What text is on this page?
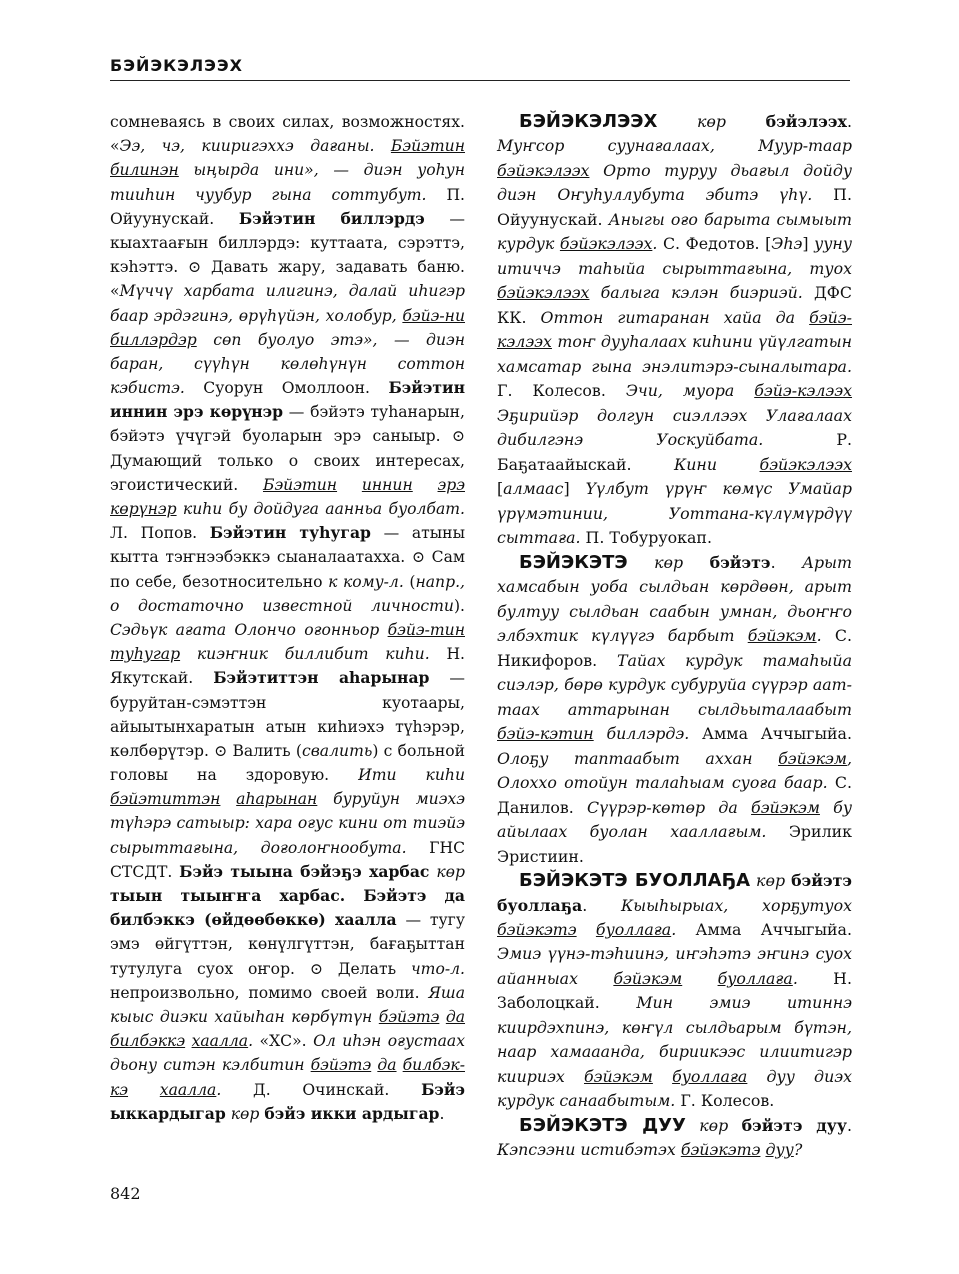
БЭЙЭКЭЛЭЭХ

сомневаясь в своих силах, возможностях. «Ээ, чэ, кииригэххэ дағаны. Бэйэтин билинэн ыңырда ини», — диэн уоһун тииһин чуубур гына соттубут. П. Ойуунускай. Бэйэтин биллэрдэ — кыахтаағын биллэрдэ: куттаата, сэрэттэ, кэһэттэ. ⊙ Давать жару, задавать баню. «Мүччү харбата илигинэ, далай иһигэр баар эрдэгинэ, өрүһүйэн, холобур, бэйэ-ни биллэрдэр сөп буолуо этэ», — диэн баран, сүүһүн көлөһүнүн соттон кэбистэ. Суорун Омоллоон. Бэйэтин иннин эрэ көрүнэр — бэйэтэ туһанарын, бэйэтэ үчүгэй буоларын эрэ саныыр. ⊙ Думающий только о своих интересах, эгоистический. Бэйэтин иннин эрэ көрүнэр киһи бу дойдуга аанньа буолбат. Л. Попов. Бэйэтин туһугар — атыны кытта тэҥнээбэккэ сыаналаатахха. ⊙ Сам по себе, безотносительно к кому-л. (напр., о достаточно известной личности). Сэдьүк ағата Олончо оғонньор бэйэ-тин туһугар киэҥник биллибит киһи. Н. Якутскай. Бэйэтиттэн аһарынар — буруйтан-сэмэттэн куотаары, айыытынхаратын атын киһиэхэ түһэрэр, көлбөрүтэр. ⊙ Валить (свалить) с больной головы на здоровую. Ити киһи бэйэтиттэн аһарынан буруйун миэхэ түһэрэ сатыыр: хара оғус кини от тиэйэ сырыттағына, доғолоҥнообута. ГНС СТСДТ. Бэйэ тыына бэйэҕэ харбас көр тыын тыыҥҥа харбас. Бэйэтэ да билбэккэ (өйдөөбөккө) хаалла — тугу эмэ өйгүттэн, көнүлгүттэн, бағаҕыттан тутулуга суох оҥор. ⊙ Делать что-л. непроизвольно, помимо своей воли. Яша кыыс диэки хайыһан көрбүтүн бэйэтэ да билбэккэ хаалла. «ХС». Ол иһэн оғустаах дьону ситэн кэлбитин бэйэтэ да билбэк-кэ хаалла. Д. Очинскай. Бэйэ ыккардыгар көр бэйэ икки ардыгар.

БЭЙЭКЭЛЭЭХ	көр	бэйэлээх. Муҥсор суунағалаах, Муур-таар бэйэкэлээх Орто туруу дьағыл дойду диэн Оҥуһуллубута эбитэ үһү. П. Ойуунускай. Аныгы оғо барыта сымыыт курдук бэйэкэлээх. С. Федотов. [Эһэ] ууну итиччэ таһыйа сырыттағына, туох бэйэкэлээх балыга кэлэн биэриэй. ДФС КК. Оттон гитаранан хайа да бэйэ-кэлээх тоҥ дууһалаах киһини үйүлгатын хамсатар гына энэлитэрэ-сыналытара. Г. Колесов. Эчи, муора бэйэ-кэлээх Эҕирийэр долгун сиэллээх Улағалаах дибилгэнэ Уоскуйбата. Р. Баҕатаайыскай. Кини бэйэкэлээх [алмаас] Үүлбут үрүҥ көмүс Умайар үрүмэтинии, Уоттана-күлүмүрдүү сыттаға. П. Тобуруокап.

БЭЙЭКЭТЭ көр бэйэтэ. Арыт хамсабын уоба сылдьан көрдөөн, арыт бултуу сылдьан саабын умнан, дьоҥҥо элбэхтик күлүүгэ барбыт бэйэкэм. С. Никифоров. Тайах курдук тамаһыйа сиэлэр, бөрө курдук субуруйа сүүрэр аат-таах аттарынан сылдьыталаабыт бэйэ-кэтин биллэрдэ. Амма Аччыгыйа. Олоҕу таптаабыт аххан бэйэкэм, Олоххо отойун талаһыам суоға баар. С. Данилов. Сүүрэр-көтөр да бэйэкэм бу айылаах буолан хааллағым. Эрилик Эристиин.

БЭЙЭКЭТЭ БУОЛЛАҔА көр бэйэтэ буоллаҕа. Кыыһырыах, хорҕутуох бэйэкэтэ буоллаға. Амма Аччыгыйа. Эмиэ үүнэ-тэһиинэ, иҥэһэтэ эҥинэ суох айанныах бэйэкэм буоллаға. Н. Заболоцкай. Мин эмиэ итиннэ киирдэхпинэ, көҥүл сылдьарым бүтэн, наар хамааанда, бириикээс илиитигэр киириэх бэйэкэм буоллаға дуу диэх курдук санаабытым. Г. Колесов.

БЭЙЭКЭТЭ ДУУ көр бэйэтэ дуу. Кэпсээни истибэтэх бэйэкэтэ дуу?

842
